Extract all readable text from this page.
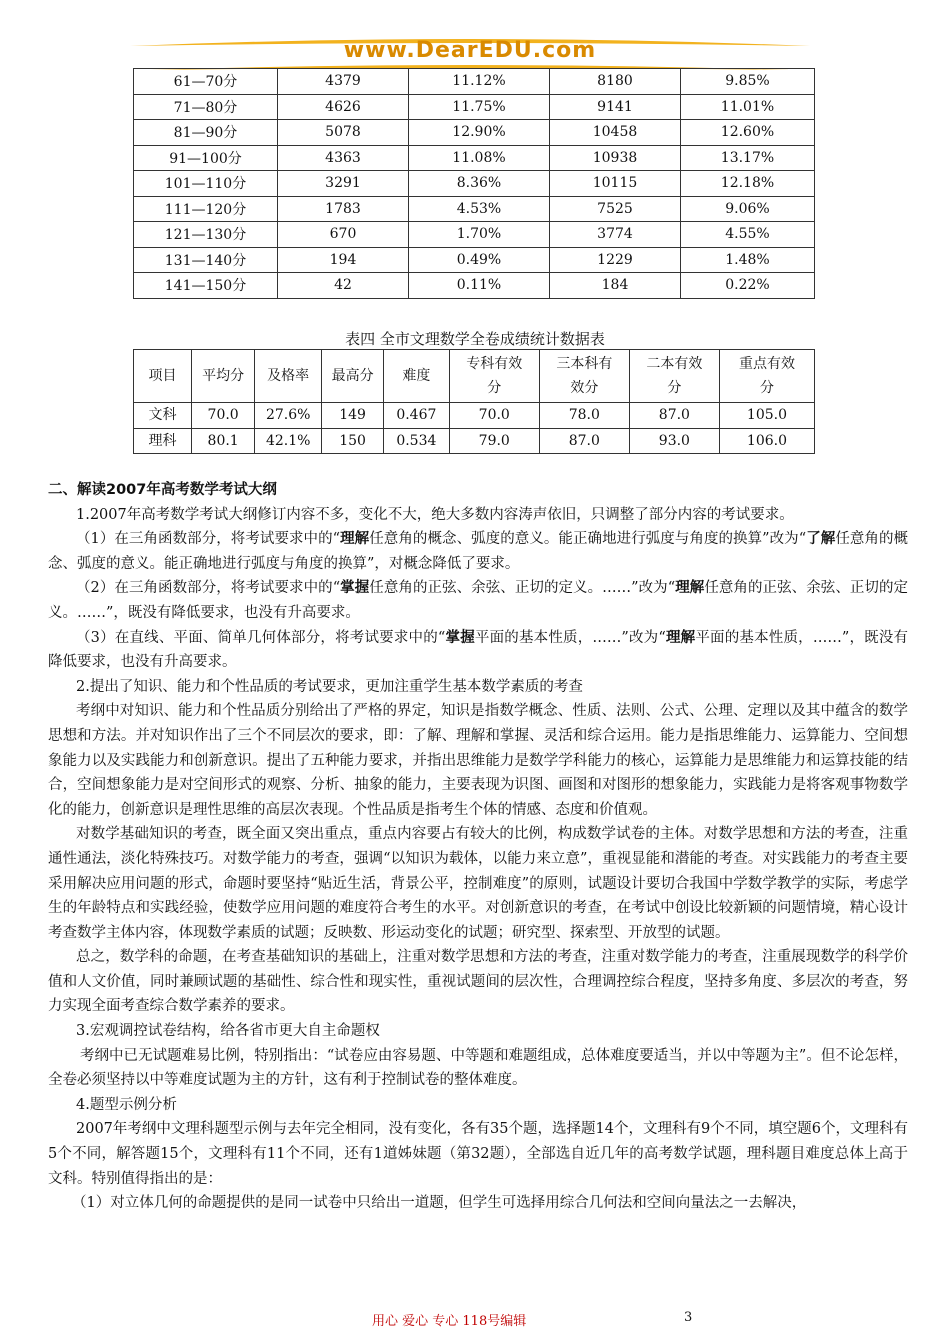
www.DearEDU.com
61—70分	4379	11.12%	8180	9.85%
71—80分	4626	11.75%	9141	11.01%
81—90分	5078	12.90%	10458	12.60%
91—100分	4363	11.08%	10938	13.17%
101—110分	3291	8.36%	10115	12.18%
111—120分	1783	4.53%	7525	9.06%
121—130分	670	1.70%	3774	4.55%
131—140分	194	0.49%	1229	1.48%
141—150分	42	0.11%	184	0.22%
表四 全市文理数学全卷成绩统计数据表
项目	平均分	及格率	最高分	难度	专科有效分	三本科有效分	二本有效分	重点有效分
文科	70.0	27.6%	149	0.467	70.0	78.0	87.0	105.0
理科	80.1	42.1%	150	0.534	79.0	87.0	93.0	106.0

二、解读2007年高考数学考试大纲

1.2007年高考数学考试大纲修订内容不多，变化不大，绝大多数内容涛声依旧，只调整了部分内容的考试要求。

（1）在三角函数部分，将考试要求中的“理解任意角的概念、弧度的意义。能正确地进行弧度与角度的换算”改为“了解任意角的概念、弧度的意义。能正确地进行弧度与角度的换算”，对概念降低了要求。

（2）在三角函数部分，将考试要求中的“掌握任意角的正弦、余弦、正切的定义。……”改为“理解任意角的正弦、余弦、正切的定义。……”，既没有降低要求，也没有升高要求。

（3）在直线、平面、简单几何体部分，将考试要求中的“掌握平面的基本性质，……”改为“理解平面的基本性质，……”，既没有降低要求，也没有升高要求。

2.提出了知识、能力和个性品质的考试要求，更加注重学生基本数学素质的考查

考纲中对知识、能力和个性品质分别给出了严格的界定，知识是指数学概念、性质、法则、公式、公理、定理以及其中蕴含的数学思想和方法。并对知识作出了三个不同层次的要求，即：了解、理解和掌握、灵活和综合运用。能力是指思维能力、运算能力、空间想象能力以及实践能力和创新意识。提出了五种能力要求，并指出思维能力是数学学科能力的核心，运算能力是思维能力和运算技能的结合，空间想象能力是对空间形式的观察、分析、抽象的能力，主要表现为识图、画图和对图形的想象能力，实践能力是将客观事物数学化的能力，创新意识是理性思维的高层次表现。个性品质是指考生个体的情感、态度和价值观。

对数学基础知识的考查，既全面又突出重点，重点内容要占有较大的比例，构成数学试卷的主体。对数学思想和方法的考查，注重通性通法，淡化特殊技巧。对数学能力的考查，强调“以知识为载体，以能力来立意”，重视显能和潜能的考查。对实践能力的考查主要采用解决应用问题的形式，命题时要坚持“贴近生活，背景公平，控制难度”的原则，试题设计要切合我国中学数学教学的实际，考虑学生的年龄特点和实践经验，使数学应用问题的难度符合考生的水平。对创新意识的考查，在考试中创设比较新颖的问题情境，精心设计考查数学主体内容，体现数学素质的试题；反映数、形运动变化的试题；研究型、探索型、开放型的试题。

总之，数学科的命题，在考查基础知识的基础上，注重对数学思想和方法的考查，注重对数学能力的考查，注重展现数学的科学价值和人文价值，同时兼顾试题的基础性、综合性和现实性，重视试题间的层次性，合理调控综合程度，坚持多角度、多层次的考查，努力实现全面考查综合数学素养的要求。

3.宏观调控试卷结构，给各省市更大自主命题权

考纲中已无试题难易比例，特别指出：“试卷应由容易题、中等题和难题组成，总体难度要适当，并以中等题为主”。但不论怎样，全卷必须坚持以中等难度试题为主的方针，这有利于控制试卷的整体难度。

4.题型示例分析

2007年考纲中文理科题型示例与去年完全相同，没有变化，各有35个题，选择题14个，文理科有9个不同，填空题6个，文理科有5个不同，解答题15个，文理科有11个不同，还有1道姊妹题（第32题），全部选自近几年的高考数学试题，理科题目难度总体上高于文科。特别值得指出的是：

（1）对立体几何的命题提供的是同一试卷中只给出一道题，但学生可选择用综合几何法和空间向量法之一去解决，

用心 爱心 专心 118号编辑	3
